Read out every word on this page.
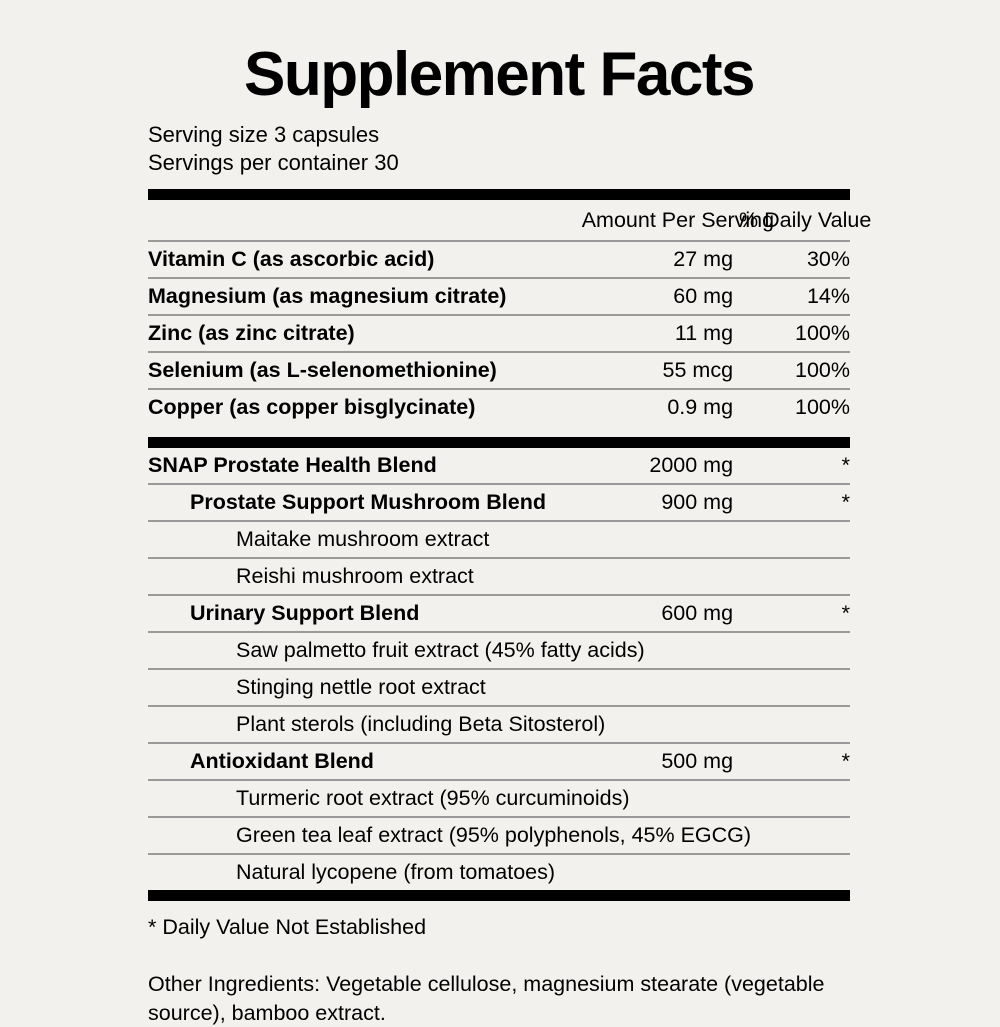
Supplement Facts
Serving size 3 capsules
Servings per container 30
	Amount Per Serving	% Daily Value
Vitamin C (as ascorbic acid)	27 mg	30%
Magnesium (as magnesium citrate)	60 mg	14%
Zinc (as zinc citrate)	11 mg	100%
Selenium (as L-selenomethionine)	55 mcg	100%
Copper (as copper bisglycinate)	0.9 mg	100%
SNAP Prostate Health Blend	2000 mg	*
Prostate Support Mushroom Blend	900 mg	*
Maitake mushroom extract		
Reishi mushroom extract		
Urinary Support Blend	600 mg	*
Saw palmetto fruit extract (45% fatty acids)		
Stinging nettle root extract		
Plant sterols (including Beta Sitosterol)		
Antioxidant Blend	500 mg	*
Turmeric root extract (95% curcuminoids)		
Green tea leaf extract (95% polyphenols, 45% EGCG)		
Natural lycopene (from tomatoes)		
* Daily Value Not Established
Other Ingredients: Vegetable cellulose, magnesium stearate (vegetable source), bamboo extract.
